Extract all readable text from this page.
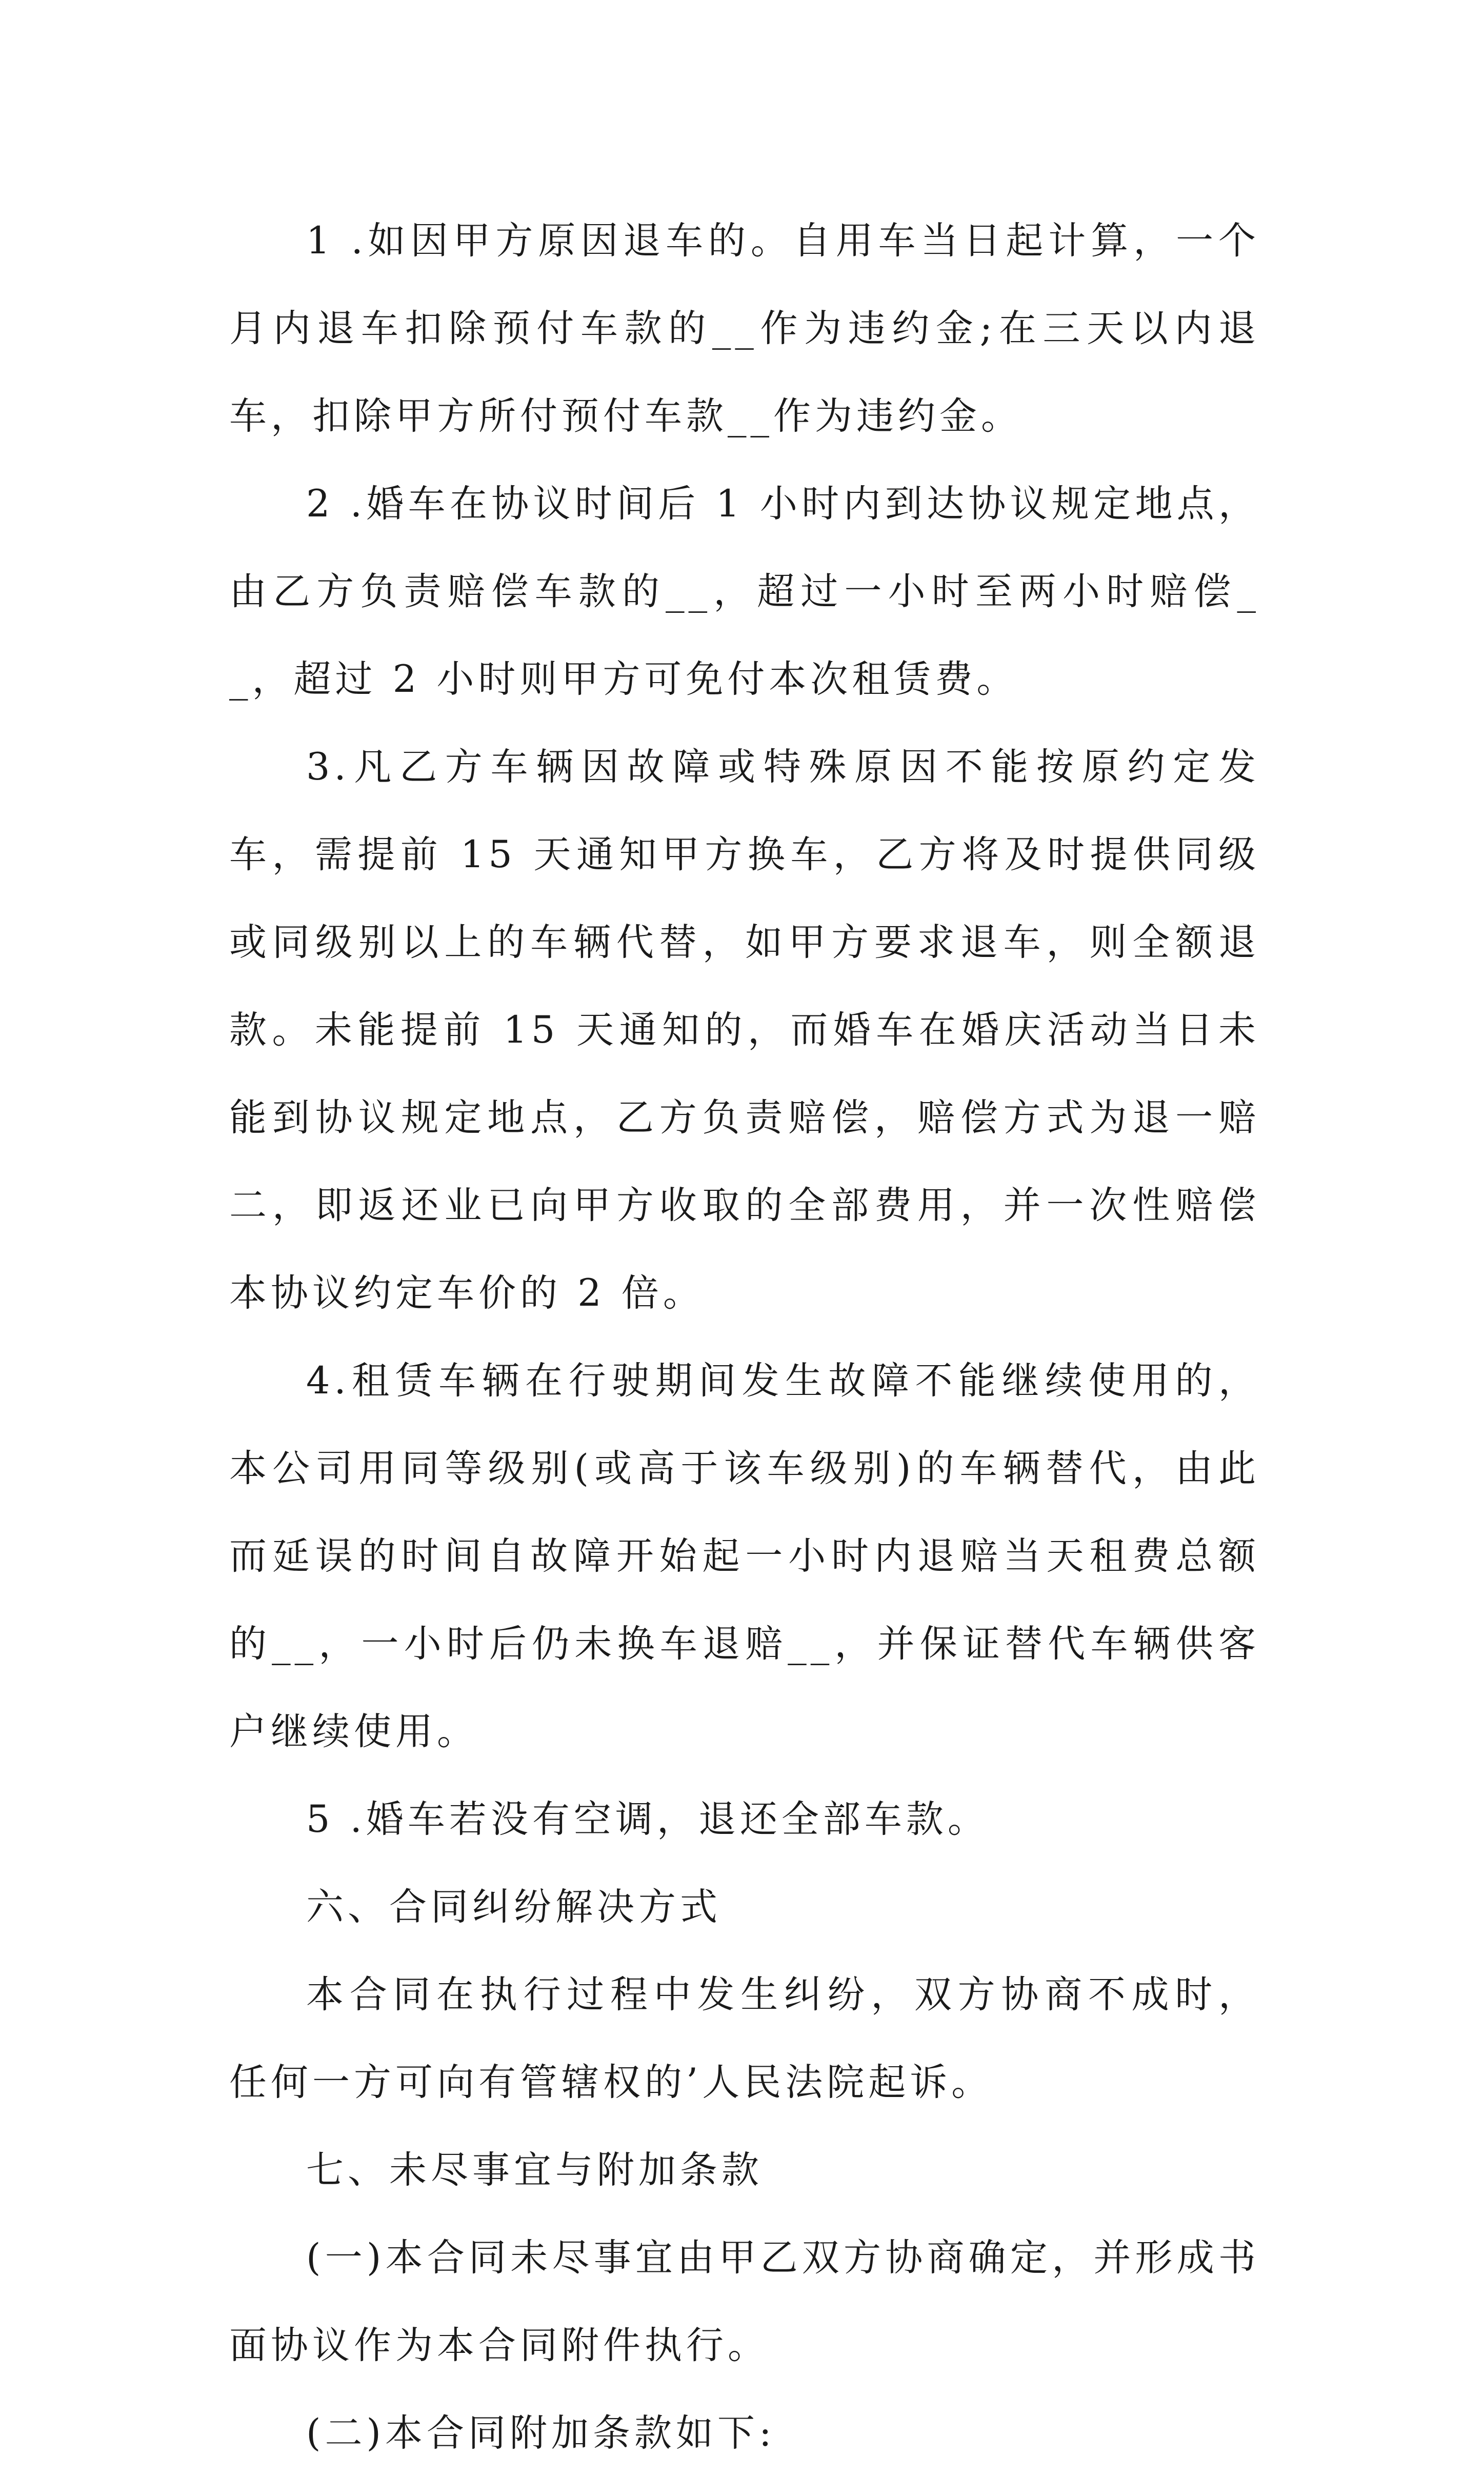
1 .如因甲方原因退车的。自用车当日起计算，一个月内退车扣除预付车款的__作为违约金;在三天以内退车，扣除甲方所付预付车款__作为违约金。

2 .婚车在协议时间后 1 小时内到达协议规定地点，由乙方负责赔偿车款的__，超过一小时至两小时赔偿__，超过 2 小时则甲方可免付本次租赁费。

3.凡乙方车辆因故障或特殊原因不能按原约定发车，需提前 15 天通知甲方换车，乙方将及时提供同级或同级别以上的车辆代替，如甲方要求退车，则全额退款。未能提前 15 天通知的，而婚车在婚庆活动当日未能到协议规定地点，乙方负责赔偿，赔偿方式为退一赔二，即返还业已向甲方收取的全部费用，并一次性赔偿本协议约定车价的 2 倍。

4.租赁车辆在行驶期间发生故障不能继续使用的，本公司用同等级别(或高于该车级别)的车辆替代，由此而延误的时间自故障开始起一小时内退赔当天租费总额的__，一小时后仍未换车退赔__，并保证替代车辆供客户继续使用。

5 .婚车若没有空调，退还全部车款。

六、合同纠纷解决方式

本合同在执行过程中发生纠纷，双方协商不成时，任何一方可向有管辖权的’人民法院起诉。

七、未尽事宜与附加条款

(一)本合同未尽事宜由甲乙双方协商确定，并形成书面协议作为本合同附件执行。

(二)本合同附加条款如下:
